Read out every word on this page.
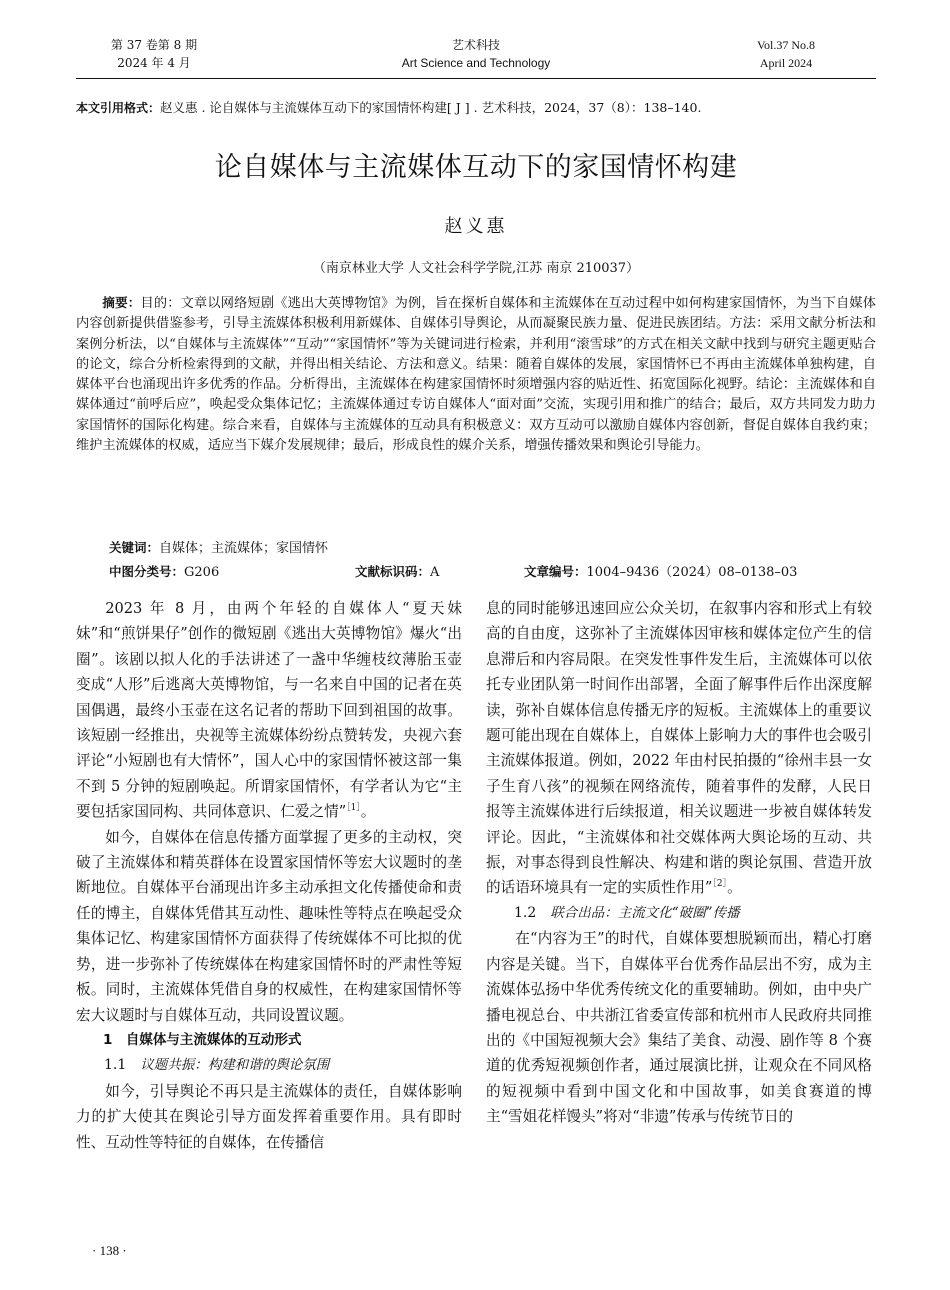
第 37 卷第 8 期
2024 年 4 月
艺术科技
Art Science and Technology
Vol.37 No.8
April 2024
本文引用格式：赵义惠 . 论自媒体与主流媒体互动下的家国情怀构建[ J ] . 艺术科技，2024，37（8）：138–140.
论自媒体与主流媒体互动下的家国情怀构建
赵义惠
（南京林业大学 人文社会科学学院,江苏 南京 210037）

摘要：目的：文章以网络短剧《逃出大英博物馆》为例，旨在探析自媒体和主流媒体在互动过程中如何构建家国情怀，为当下自媒体内容创新提供借鉴参考，引导主流媒体积极利用新媒体、自媒体引导舆论，从而凝聚民族力量、促进民族团结。方法：采用文献分析法和案例分析法，以“自媒体与主流媒体”“互动”“家国情怀”等为关键词进行检索，并利用“滚雪球”的方式在相关文献中找到与研究主题更贴合的论文，综合分析检索得到的文献，并得出相关结论、方法和意义。结果：随着自媒体的发展，家国情怀已不再由主流媒体单独构建，自媒体平台也涌现出许多优秀的作品。分析得出，主流媒体在构建家国情怀时须增强内容的贴近性、拓宽国际化视野。结论：主流媒体和自媒体通过“前呼后应”，唤起受众集体记忆；主流媒体通过专访自媒体人“面对面”交流，实现引用和推广的结合；最后，双方共同发力助力家国情怀的国际化构建。综合来看，自媒体与主流媒体的互动具有积极意义：双方互动可以激励自媒体内容创新，督促自媒体自我约束；维护主流媒体的权威，适应当下媒介发展规律；最后，形成良性的媒介关系，增强传播效果和舆论引导能力。

关键词：自媒体；主流媒体；家国情怀
中图分类号：G206	文献标识码：A	文章编号：1004–9436（2024）08–0138–03

2023 年 8 月，由两个年轻的自媒体人“夏天妹妹”和“煎饼果仔”创作的微短剧《逃出大英博物馆》爆火“出圈”。该剧以拟人化的手法讲述了一盏中华缠枝纹薄胎玉壶变成“人形”后逃离大英博物馆，与一名来自中国的记者在英国偶遇，最终小玉壶在这名记者的帮助下回到祖国的故事。该短剧一经推出，央视等主流媒体纷纷点赞转发，央视六套评论“小短剧也有大情怀”，国人心中的家国情怀被这部一集不到 5 分钟的短剧唤起。所谓家国情怀，有学者认为它“主要包括家国同构、共同体意识、仁爱之情”$^{[1]}$。

如今，自媒体在信息传播方面掌握了更多的主动权，突破了主流媒体和精英群体在设置家国情怀等宏大议题时的垄断地位。自媒体平台涌现出许多主动承担文化传播使命和责任的博主，自媒体凭借其互动性、趣味性等特点在唤起受众集体记忆、构建家国情怀方面获得了传统媒体不可比拟的优势，进一步弥补了传统媒体在构建家国情怀时的严肃性等短板。同时，主流媒体凭借自身的权威性，在构建家国情怀等宏大议题时与自媒体互动，共同设置议题。

1　自媒体与主流媒体的互动形式
1.1　议题共振：构建和谐的舆论氛围

如今，引导舆论不再只是主流媒体的责任，自媒体影响力的扩大使其在舆论引导方面发挥着重要作用。具有即时性、互动性等特征的自媒体，在传播信

息的同时能够迅速回应公众关切，在叙事内容和形式上有较高的自由度，这弥补了主流媒体因审核和媒体定位产生的信息滞后和内容局限。在突发性事件发生后，主流媒体可以依托专业团队第一时间作出部署，全面了解事件后作出深度解读，弥补自媒体信息传播无序的短板。主流媒体上的重要议题可能出现在自媒体上，自媒体上影响力大的事件也会吸引主流媒体报道。例如，2022 年由村民拍摄的“徐州丰县一女子生育八孩”的视频在网络流传，随着事件的发酵，人民日报等主流媒体进行后续报道，相关议题进一步被自媒体转发评论。因此，“主流媒体和社交媒体两大舆论场的互动、共振，对事态得到良性解决、构建和谐的舆论氛围、营造开放的话语环境具有一定的实质性作用”$^{[2]}$。

1.2　联合出品：主流文化“破圈”传播

在“内容为王”的时代，自媒体要想脱颖而出，精心打磨内容是关键。当下，自媒体平台优秀作品层出不穷，成为主流媒体弘扬中华优秀传统文化的重要辅助。例如，由中央广播电视总台、中共浙江省委宣传部和杭州市人民政府共同推出的《中国短视频大会》集结了美食、动漫、剧作等 8 个赛道的优秀短视频创作者，通过展演比拼，让观众在不同风格的短视频中看到中国文化和中国故事，如美食赛道的博主“雪姐花样馒头”将对“非遗”传承与传统节日的

· 138 ·
